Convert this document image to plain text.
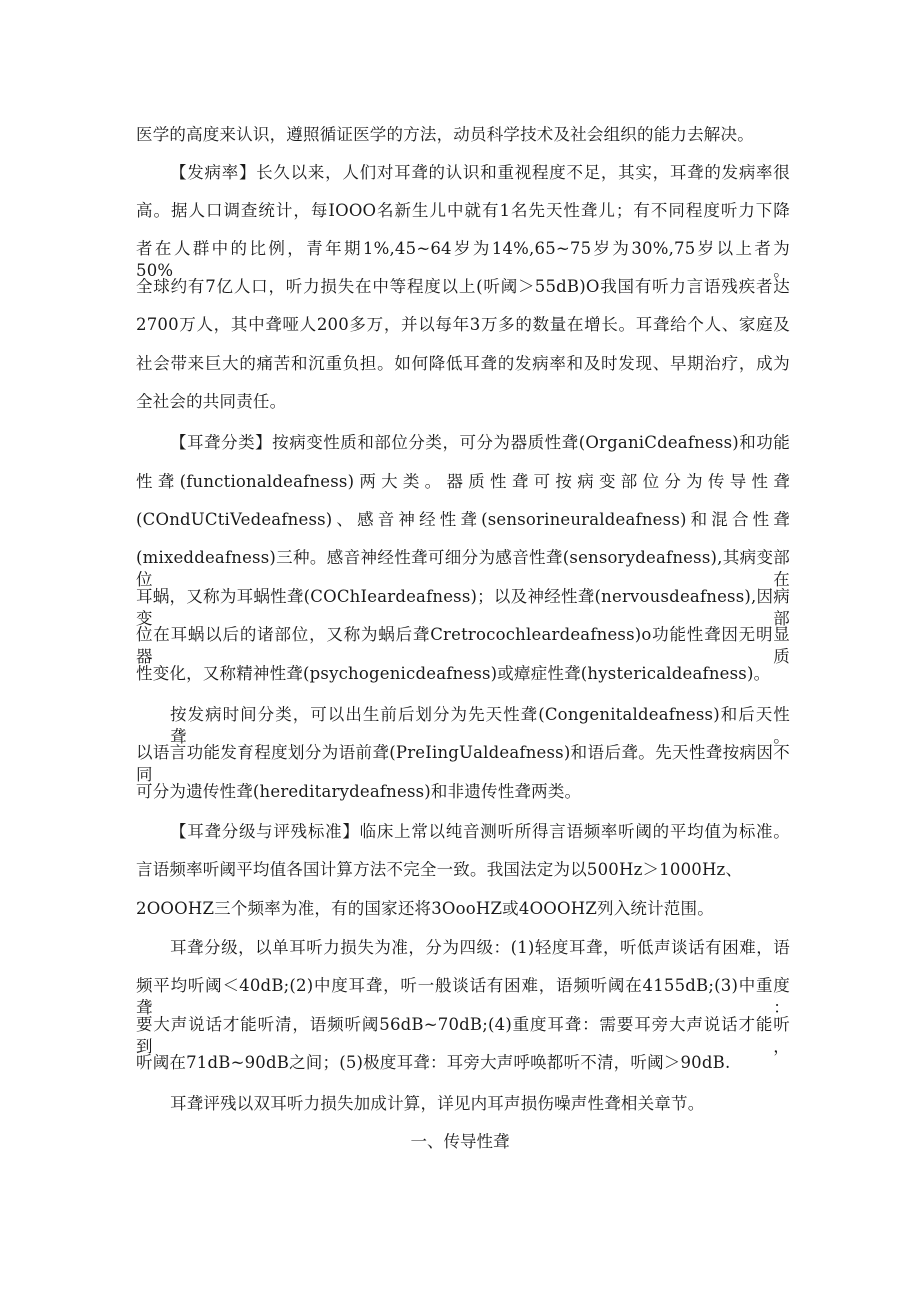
医学的高度来认识，遵照循证医学的方法，动员科学技术及社会组织的能力去解决。
【发病率】长久以来，人们对耳聋的认识和重视程度不足，其实，耳聋的发病率很
高。据人口调查统计，每IOOO名新生儿中就有1名先天性聋儿；有不同程度听力下降
者在人群中的比例，青年期1%,45~64岁为14%,65~75岁为30%,75岁以上者为50%。
全球约有7亿人口，听力损失在中等程度以上(听阈＞55dB)O我国有听力言语残疾者达
2700万人，其中聋哑人200多万，并以每年3万多的数量在增长。耳聋给个人、家庭及
社会带来巨大的痛苦和沉重负担。如何降低耳聋的发病率和及时发现、早期治疗，成为
全社会的共同责任。
【耳聋分类】按病变性质和部位分类，可分为器质性聋(OrganiCdeafness)和功能
性聋(functionaldeafness)两大类。器质性聋可按病变部位分为传导性聋
(COndUCtiVedeafness)、感音神经性聋(sensorineuraldeafness)和混合性聋
(mixeddeafness)三种。感音神经性聋可细分为感音性聋(sensorydeafness),其病变部位在
耳蜗，又称为耳蜗性聋(COChIeardeafness)；以及神经性聋(nervousdeafness),因病变部
位在耳蜗以后的诸部位，又称为蜗后聋Cretrocochleardeafness)o功能性聋因无明显器质
性变化，又称精神性聋(psychogenicdeafness)或瘴症性聋(hystericaldeafness)。
按发病时间分类，可以出生前后划分为先天性聋(Congenitaldeafness)和后天性聋。
以语言功能发育程度划分为语前聋(PreIingUaldeafness)和语后聋。先天性聋按病因不同
可分为遗传性聋(hereditarydeafness)和非遗传性聋两类。
【耳聋分级与评残标准】临床上常以纯音测听所得言语频率听阈的平均值为标准。
言语频率听阈平均值各国计算方法不完全一致。我国法定为以500Hz＞1000Hz、
2OOOHZ三个频率为准，有的国家还将3OooHZ或4OOOHZ列入统计范围。
耳聋分级，以单耳听力损失为准，分为四级：(1)轻度耳聋，听低声谈话有困难，语
频平均听阈＜40dB;(2)中度耳聋，听一般谈话有困难，语频听阈在4155dB;(3)中重度聋：
要大声说话才能听清，语频听阈56dB~70dB;(4)重度耳聋：需要耳旁大声说话才能听到，
听阈在71dB~90dB之间；(5)极度耳聋：耳旁大声呼唤都听不清，听阈＞90dB.
耳聋评残以双耳听力损失加成计算，详见内耳声损伤噪声性聋相关章节。
一、传导性聋
